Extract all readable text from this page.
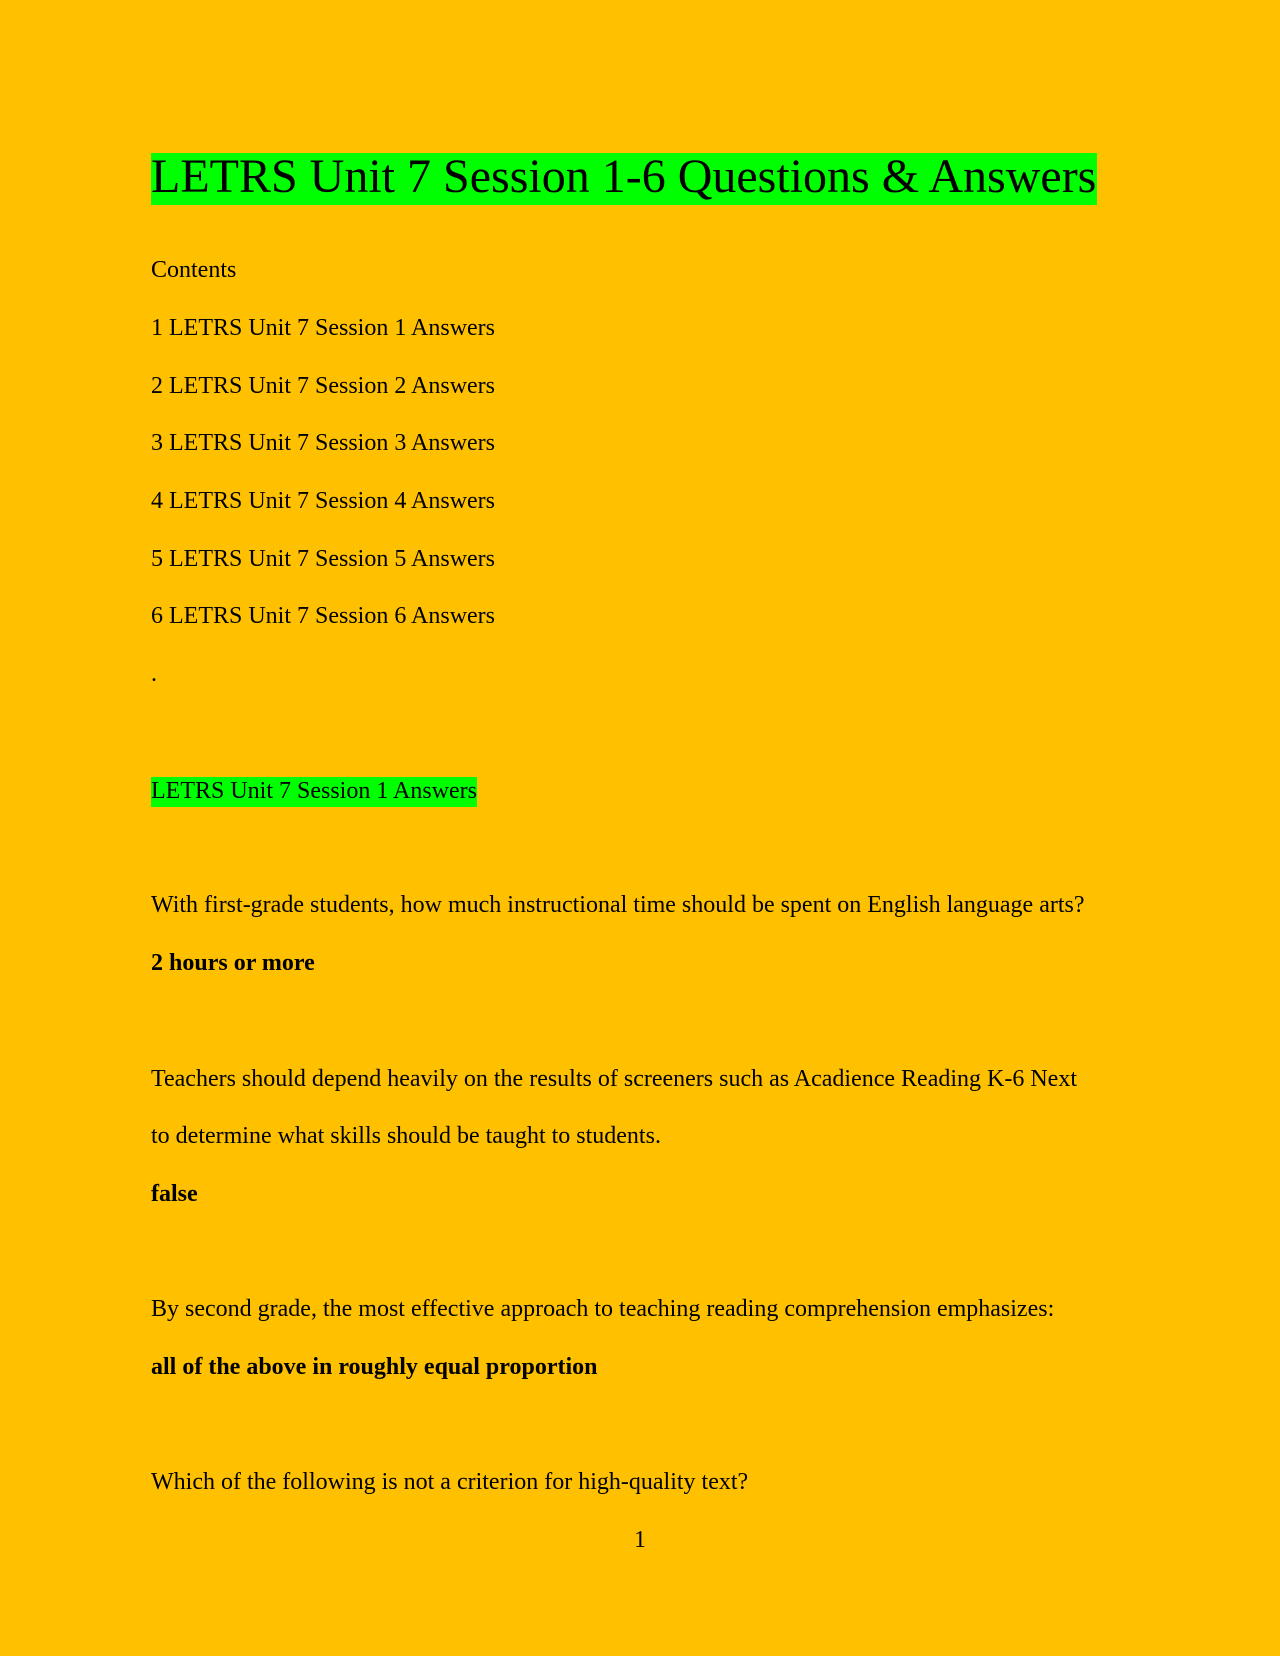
LETRS Unit 7 Session 1-6 Questions & Answers
Contents
1 LETRS Unit 7 Session 1 Answers
2 LETRS Unit 7 Session 2 Answers
3 LETRS Unit 7 Session 3 Answers
4 LETRS Unit 7 Session 4 Answers
5 LETRS Unit 7 Session 5 Answers
6 LETRS Unit 7 Session 6 Answers
.
LETRS Unit 7 Session 1 Answers
With first-grade students, how much instructional time should be spent on English language arts?
2 hours or more
Teachers should depend heavily on the results of screeners such as Acadience Reading K-6 Next
to determine what skills should be taught to students.
false
By second grade, the most effective approach to teaching reading comprehension emphasizes:
all of the above in roughly equal proportion
Which of the following is not a criterion for high-quality text?
1
